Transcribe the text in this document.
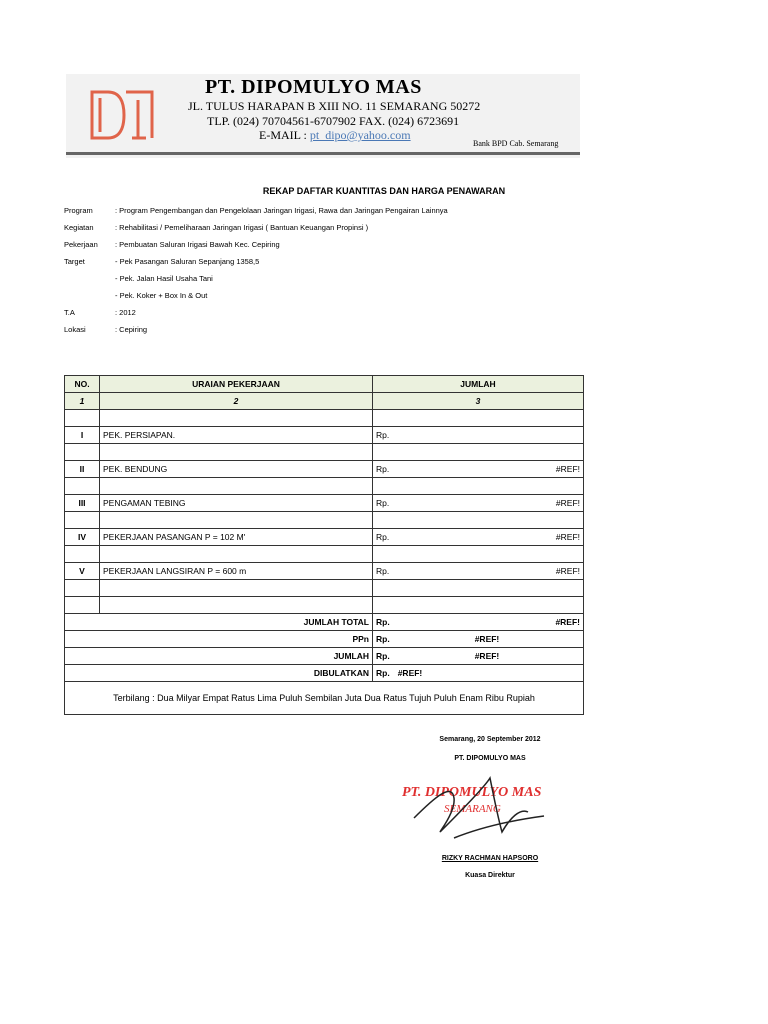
PT. DIPOMULYO MAS
JL. TULUS HARAPAN B XIII NO. 11 SEMARANG 50272
TLP. (024) 70704561-6707902 FAX. (024) 6723691
E-MAIL : pt_dipo@yahoo.com
Bank BPD Cab. Semarang
REKAP DAFTAR KUANTITAS DAN HARGA PENAWARAN
Program	: Program Pengembangan dan Pengelolaan Jaringan Irigasi, Rawa dan Jaringan Pengairan Lainnya
Kegiatan	: Rehabilitasi / Pemeliharaan Jaringan Irigasi ( Bantuan Keuangan Propinsi )
Pekerjaan : Pembuatan Saluran Irigasi Bawah Kec. Cepiring
Target	- Pek Pasangan Saluran Sepanjang 1358,5
- Pek. Jalan Hasil Usaha Tani
- Pek. Koker + Box In & Out
T.A	: 2012
Lokasi	: Cepiring
NO.	URAIAN PEKERJAAN	JUMLAH
1	2	3

I	PEK. PERSIAPAN.	Rp.

II	PEK. BENDUNG	Rp. #REF!

III	PENGAMAN TEBING	Rp. #REF!

IV	PEKERJAAN PASANGAN P = 102 M'	Rp. #REF!

V	PEKERJAAN LANGSIRAN P = 600 m	Rp. #REF!

JUMLAH TOTAL		Rp. #REF!

PPn		Rp. #REF!

JUMLAH		Rp. #REF!

DIBULATKAN		Rp. #REF!

Terbilang : Dua Milyar Empat Ratus Lima Puluh Sembilan Juta Dua Ratus Tujuh Puluh Enam Ribu Rupiah		
Semarang, 20 September 2012
PT. DIPOMULYO MAS
PT. DIPOMULYO MAS
SEMARANG
RIZKY RACHMAN HAPSORO
Kuasa Direktur
